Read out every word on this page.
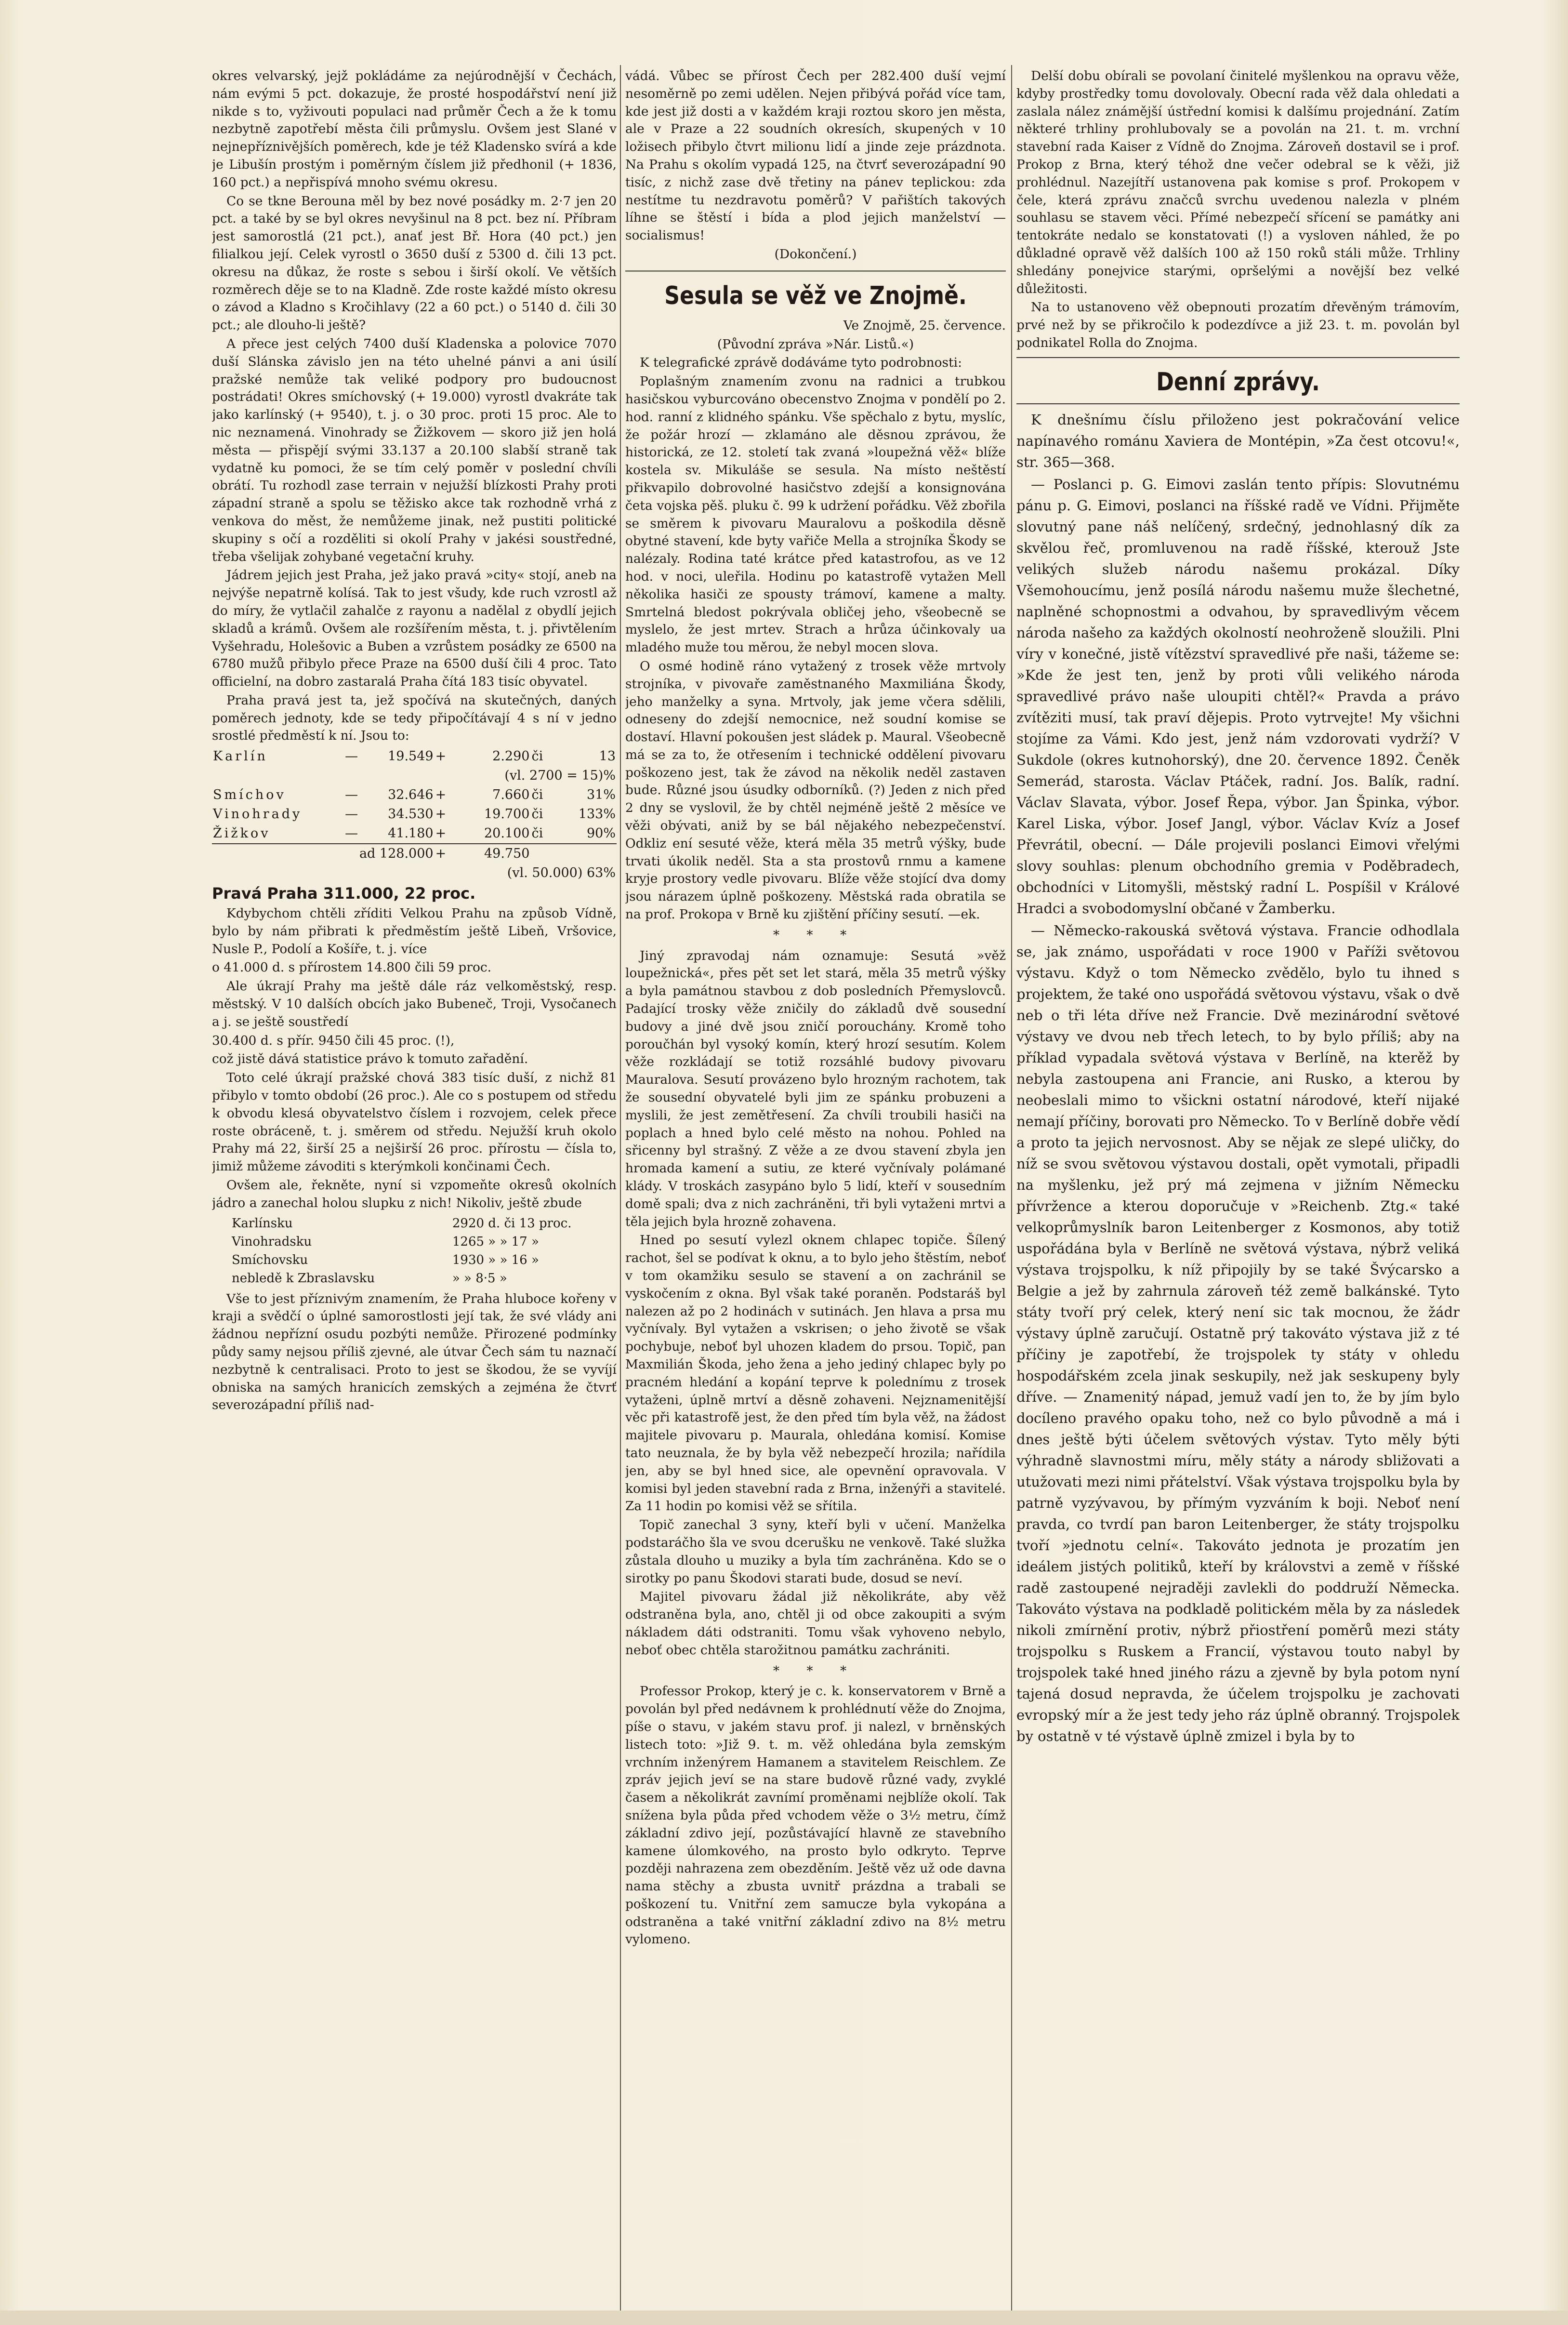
okres velvarský, jejž pokládáme za nejúrodnější v Čechách, nám evými 5 pct. dokazuje, že prosté hospodářství není již nikde s to, vyživouti populaci nad průměr Čech a že k tomu nezbytně zapotřebí města čili průmyslu. Ovšem jest Slané v nejnepříznivějších poměrech, kde je též Kladensko svírá a kde je Libušín prostým i poměrným číslem již předhonil (+ 1836, 160 pct.) a nepřispívá mnoho svému okresu.

Co se tkne Berouna měl by bez nové posádky m. 2·7 jen 20 pct. a také by se byl okres nevyšinul na 8 pct. bez ní. Příbram jest samorostlá (21 pct.), anať jest Bř. Hora (40 pct.) jen filialkou její. Celek vyrostl o 3650 duší z 5300 d. čili 13 pct. okresu na důkaz, že roste s sebou i širší okolí. Ve větších rozměrech děje se to na Kladně. Zde roste každé místo okresu o závod a Kladno s Kročihlavy (22 a 60 pct.) o 5140 d. čili 30 pct.; ale dlouho-li ještě?

A přece jest celých 7400 duší Kladenska a polovice 7070 duší Slánska závislo jen na této uhelné pánvi a ani úsilí pražské nemůže tak veliké podpory pro budoucnost postrádati! Okres smíchovský (+ 19.000) vyrostl dvakráte tak jako karlínský (+ 9540), t. j. o 30 proc. proti 15 proc. Ale to nic neznamená. Vinohrady se Žižkovem — skoro již jen holá města — přispějí svými 33.137 a 20.100 slabší straně tak vydatně ku pomoci, že se tím celý poměr v poslední chvíli obrátí. Tu rozhodl zase terrain v nejužší blízkosti Prahy proti západní straně a spolu se těžisko akce tak rozhodně vrhá z venkova do měst, že nemůžeme jinak, než pustiti politické skupiny s očí a rozděliti si okolí Prahy v jakési soustředné, třeba všelijak zohybané vegetační kruhy.

Jádrem jejich jest Praha, jež jako pravá »city« stojí, aneb na nejvýše nepatrně kolísá. Tak to jest všudy, kde ruch vzrostl až do míry, že vytlačil zahalče z rayonu a nadělal z obydlí jejich skladů a krámů. Ovšem ale rozšířením města, t. j. přivtělením Vyšehradu, Holešovic a Buben a vzrůstem posádky ze 6500 na 6780 mužů přibylo přece Praze na 6500 duší čili 4 proc. Tato officielní, na dobro zastaralá Praha čítá 183 tisíc obyvatel.

Praha pravá jest ta, jež spočívá na skutečných, daných poměrech jednoty, kde se tedy připočítávají 4 s ní v jedno srostlé předměstí k ní. Jsou to:

Karlín	—	19.549	+	2.290	či	13
				(vl. 2700 = 15)%		
Smíchov	—	32.646	+	7.660	či	31%
Vinohrady	—	34.530	+	19.700	či	133%
Žižkov	—	41.180	+	20.100	či	90%
ad 128.000			+	49.750		
(vl. 50.000) 63%						

Pravá Praha 311.000, 22 proc.

Kdybychom chtěli zříditi Velkou Prahu na způsob Vídně, bylo by nám přibrati k předměstím ještě Libeň, Vršovice, Nusle P., Podolí a Košíře, t. j. více

o 41.000 d. s přírostem 14.800 čili 59 proc.

Ale úkrají Prahy ma ještě dále ráz velkoměstský, resp. městský. V 10 dalších obcích jako Bubeneč, Troji, Vysočanech a j. se ještě soustředí

30.400 d. s přír. 9450 čili 45 proc. (!),

což jistě dává statistice právo k tomuto zařadění.

Toto celé úkrají pražské chová 383 tisíc duší, z nichž 81 přibylo v tomto období (26 proc.). Ale co s postupem od středu k obvodu klesá obyvatelstvo číslem i rozvojem, celek přece roste obráceně, t. j. směrem od středu. Nejužší kruh okolo Prahy má 22, širší 25 a nejširší 26 proc. přírostu — čísla to, jimiž můžeme závoditi s kterýmkoli končinami Čech.

Ovšem ale, řekněte, nyní si vzpomeňte okresů okolních jádro a zanechal holou slupku z nich! Nikoliv, ještě zbude

Karlínsku	2920 d. či 13 proc.
Vinohradsku	1265 » » 17 »
Smíchovsku	1930 » » 16 »
nebledě k Zbraslavsku	» » 8·5 »

Vše to jest příznivým znamením, že Praha hluboce kořeny v kraji a svědčí o úplné samorostlosti její tak, že své vlády ani žádnou nepřízní osudu pozbýti nemůže. Přirozené podmínky půdy samy nejsou příliš zjevné, ale útvar Čech sám tu naznačí nezbytně k centralisaci. Proto to jest se škodou, že se vyvíjí obniska na samých hranicích zemských a zejména že čtvrť severozápadní příliš nad-

vádá. Vůbec se přírost Čech per 282.400 duší vejmí nesoměrně po zemi udělen. Nejen přibývá pořád více tam, kde jest již dosti a v každém kraji roztou skoro jen města, ale v Praze a 22 soudních okresích, skupených v 10 ložisech přibylo čtvrt milionu lidí a jinde zeje prázdnota. Na Prahu s okolím vypadá 125, na čtvrť severozápadní 90 tisíc, z nichž zase dvě třetiny na pánev teplickou: zda nestítme tu nezdravotu poměrů? V pařištích takových líhne se štěstí i bída a plod jejich manželství — socialismus!

(Dokončení.)

Sesula se věž ve Znojmě.

Ve Znojmě, 25. července.

(Původní zpráva »Nár. Listů.«)

K telegrafické zprávě dodáváme tyto podrobnosti:

Poplašným znamením zvonu na radnici a trubkou hasičskou vyburcováno obecenstvo Znojma v pondělí po 2. hod. ranní z klidného spánku. Vše spěchalo z bytu, myslíc, že požár hrozí — zklamáno ale děsnou zprávou, že historická, ze 12. století tak zvaná »loupežná věž« blíže kostela sv. Mikuláše se sesula. Na místo neštěstí přikvapilo dobrovolné hasičstvo zdejší a konsignována četa vojska pěš. pluku č. 99 k udržení pořádku. Věž zbořila se směrem k pivovaru Mauralovu a poškodila děsně obytné stavení, kde byty vařiče Mella a strojníka Škody se nalézaly. Rodina taté krátce před katastrofou, as ve 12 hod. v noci, uleřila. Hodinu po katastrofě vytažen Mell několika hasiči ze spousty trámoví, kamene a malty. Smrtelná bledost pokrývala obličej jeho, všeobecně se myslelo, že jest mrtev. Strach a hrůza účinkovaly ua mladého muže tou měrou, že nebyl mocen slova.

O osmé hodině ráno vytažený z trosek věže mrtvoly strojníka, v pivovaře zaměstnaného Maxmiliána Škody, jeho manželky a syna. Mrtvoly, jak jeme včera sdělili, odneseny do zdejší nemocnice, než soudní komise se dostaví. Hlavní pokoušen jest sládek p. Maural. Všeobecně má se za to, že otřesením i technické oddělení pivovaru poškozeno jest, tak že závod na několik neděl zastaven bude. Různé jsou úsudky odborníků. (?) Jeden z nich před 2 dny se vyslovil, že by chtěl nejméně ještě 2 měsíce ve věži obývati, aniž by se bál nějakého nebezpečenství. Odkliz ení sesuté věže, která měla 35 metrů výšky, bude trvati úkolik neděl. Sta a sta prostovů rnmu a kamene kryje prostory vedle pivovaru. Blíže věže stojící dva domy jsou nárazem úplně poškozeny. Městská rada obratila se na prof. Prokopa v Brně ku zjištění příčiny sesutí. —ek.

* * *

Jiný zpravodaj nám oznamuje: Sesutá »věž loupežnická«, přes pět set let stará, měla 35 metrů výšky a byla památnou stavbou z dob posledních Přemyslovců. Padající trosky věže zničily do základů dvě sousední budovy a jiné dvě jsou zničí porouchány. Kromě toho poroučhán byl vysoký komín, který hrozí sesutím. Kolem věže rozkládají se totiž rozsáhlé budovy pivovaru Mauralova. Sesutí provázeno bylo hrozným rachotem, tak že sousední obyvatelé byli jim ze spánku probuzeni a myslili, že jest zemětřesení. Za chvíli troubili hasiči na poplach a hned bylo celé město na nohou. Pohled na sřicenny byl strašný. Z věže a ze dvou stavení zbyla jen hromada kamení a sutiu, ze které vyčnívaly polámané klády. V troskách zasypáno bylo 5 lidí, kteří v sousedním domě spali; dva z nich zachráněni, tři byli vytaženi mrtvi a těla jejich byla hrozně zohavena.

Hned po sesutí vylezl oknem chlapec topiče. Šílený rachot, šel se podívat k oknu, a to bylo jeho štěstím, neboť v tom okamžiku sesulo se stavení a on zachránil se vyskočením z okna. Byl však také poraněn. Podstaráš byl nalezen až po 2 hodinách v sutinách. Jen hlava a prsa mu vyčnívaly. Byl vytažen a vskrisen; o jeho životě se však pochybuje, neboť byl uhozen kladem do prsou. Topič, pan Maxmilián Škoda, jeho žena a jeho jediný chlapec byly po pracném hledání a kopání teprve k polednímu z trosek vytaženi, úplně mrtví a děsně zohaveni. Nejznamenitější věc při katastrofě jest, že den před tím byla věž, na žádost majitele pivovaru p. Maurala, ohledána komisí. Komise tato neuznala, že by byla věž nebezpečí hrozila; nařídila jen, aby se byl hned sice, ale opevnění opravovala. V komisi byl jeden stavební rada z Brna, inženýři a stavitelé. Za 11 hodin po komisi věž se sřítila.

Topič zanechal 3 syny, kteří byli v učení. Manželka podstaráčho šla ve svou dcerušku ne venkově. Také služka zůstala dlouho u muziky a byla tím zachráněna. Kdo se o sirotky po panu Škodovi starati bude, dosud se neví.

Majitel pivovaru žádal již několikráte, aby věž odstraněna byla, ano, chtěl ji od obce zakoupiti a svým nákladem dáti odstraniti. Tomu však vyhoveno nebylo, neboť obec chtěla starožitnou památku zachrániti.

* * *

Professor Prokop, který je c. k. konservatorem v Brně a povolán byl před nedávnem k prohlédnutí věže do Znojma, píše o stavu, v jakém stavu prof. ji nalezl, v brněnských listech toto: »Již 9. t. m. věž ohledána byla zemským vrchním inženýrem Hamanem a stavitelem Reischlem. Ze zpráv jejich jeví se na stare budově různé vady, zvyklé časem a několikrát zavnímí proměnami nejblíže okolí. Tak snížena byla půda před vchodem věže o 3½ metru, čímž základní zdivo její, pozůstávající hlavně ze stavebního kamene úlomkového, na prosto bylo odkryto. Teprve později nahrazena zem obezděním. Ještě věz už ode davna nama stěchy a zbusta uvnitř prázdna a trabali se poškození tu. Vnitřní zem samucze byla vykopána a odstraněna a také vnitřní základní zdivo na 8½ metru vylomeno.

Delší dobu obírali se povolaní činitelé myšlenkou na opravu věže, kdyby prostředky tomu dovolovaly. Obecní rada věž dala ohledati a zaslala nález známější ústřední komisi k dalšímu projednání. Zatím některé trhliny prohlubovaly se a povolán na 21. t. m. vrchní stavební rada Kaiser z Vídně do Znojma. Zároveň dostavil se i prof. Prokop z Brna, který téhož dne večer odebral se k věži, již prohlédnul. Nazejítří ustanovena pak komise s prof. Prokopem v čele, která zprávu značců svrchu uvedenou nalezla v plném souhlasu se stavem věci. Přímé nebezpečí sřícení se památky ani tentokráte nedalo se konstatovati (!) a vysloven náhled, že po důkladné opravě věž dalších 100 až 150 roků stáli může. Trhliny shledány ponejvice starými, opršelými a novější bez velké důležitosti.

Na to ustanoveno věž obepnouti prozatím dřevěným trámovím, prvé než by se přikročilo k podezdívce a již 23. t. m. povolán byl podnikatel Rolla do Znojma.

Denní zprávy.

K dnešnímu číslu přiloženo jest pokračování velice napínavého románu Xaviera de Montépin, »Za čest otcovu!«, str. 365—368.

— Poslanci p. G. Eimovi zaslán tento přípis: Slovutnému pánu p. G. Eimovi, poslanci na říšské radě ve Vídni. Přijměte slovutný pane náš nelíčený, srdečný, jednohlasný dík za skvělou řeč, promluvenou na radě říšské, kterouž Jste velikých služeb národu našemu prokázal. Díky Všemohoucímu, jenž posílá národu našemu muže šlechetné, naplněné schopnostmi a odvahou, by spravedlivým věcem národa našeho za každých okolností neohroženě sloužili. Plni víry v konečné, jistě vítězství spravedlivé pře naši, tážeme se: »Kde že jest ten, jenž by proti vůli velikého národa spravedlivé právo naše uloupiti chtěl?« Pravda a právo zvítěziti musí, tak praví dějepis. Proto vytrvejte! My všichni stojíme za Vámi. Kdo jest, jenž nám vzdorovati vydrží? V Sukdole (okres kutnohorský), dne 20. července 1892. Čeněk Semerád, starosta. Václav Ptáček, radní. Jos. Balík, radní. Václav Slavata, výbor. Josef Řepa, výbor. Jan Špinka, výbor. Karel Liska, výbor. Josef Jangl, výbor. Václav Kvíz a Josef Převrátil, obecní. — Dále projevili poslanci Eimovi vřelými slovy souhlas: plenum obchodního gremia v Poděbradech, obchodníci v Litomyšli, městský radní L. Pospíšil v Králové Hradci a svobodomyslní občané v Žamberku.

— Německo-rakouská světová výstava. Francie odhodlala se, jak známo, uspořádati v roce 1900 v Paříži světovou výstavu. Když o tom Německo zvědělo, bylo tu ihned s projektem, že také ono uspořádá světovou výstavu, však o dvě neb o tři léta dříve než Francie. Dvě mezinárodní světové výstavy ve dvou neb třech letech, to by bylo příliš; aby na příklad vypadala světová výstava v Berlíně, na kterěž by nebyla zastoupena ani Francie, ani Rusko, a kterou by neobeslali mimo to všickni ostatní národové, kteří nijaké nemají příčiny, borovati pro Německo. To v Berlíně dobře vědí a proto ta jejich nervosnost. Aby se nějak ze slepé uličky, do níž se svou světovou výstavou dostali, opět vymotali, připadli na myšlenku, jež prý má zejmena v jižním Německu přívržence a kterou doporučuje v »Reichenb. Ztg.« také velkoprůmyslník baron Leitenberger z Kosmonos, aby totiž uspořádána byla v Berlíně ne světová výstava, nýbrž veliká výstava trojspolku, k níž připojily by se také Švýcarsko a Belgie a jež by zahrnula zároveň též země balkánské. Tyto státy tvoří prý celek, který není sic tak mocnou, že žádr výstavy úplně zaručují. Ostatně prý takováto výstava již z té příčiny je zapotřebí, že trojspolek ty státy v ohledu hospodářském zcela jinak seskupily, než jak seskupeny byly dříve. — Znamenitý nápad, jemuž vadí jen to, že by jím bylo docíleno pravého opaku toho, než co bylo původně a má i dnes ještě býti účelem světových výstav. Tyto měly býti výhradně slavnostmi míru, měly státy a národy sbližovati a utužovati mezi nimi přátelství. Však výstava trojspolku byla by patrně vyzývavou, by přímým vyzváním k boji. Neboť není pravda, co tvrdí pan baron Leitenberger, že státy trojspolku tvoří »jednotu celní«. Takováto jednota je prozatím jen ideálem jistých politiků, kteří by královstvi a země v říšské radě zastoupené nejraději zavlekli do poddruží Německa. Takováto výstava na podkladě politickém měla by za následek nikoli zmírnění protiv, nýbrž přiostření poměrů mezi státy trojspolku s Ruskem a Francií, výstavou touto nabyl by trojspolek také hned jiného rázu a zjevně by byla potom nyní tajená dosud nepravda, že účelem trojspolku je zachovati evropský mír a že jest tedy jeho ráz úplně obranný. Trojspolek by ostatně v té výstavě úplně zmizel i byla by to
